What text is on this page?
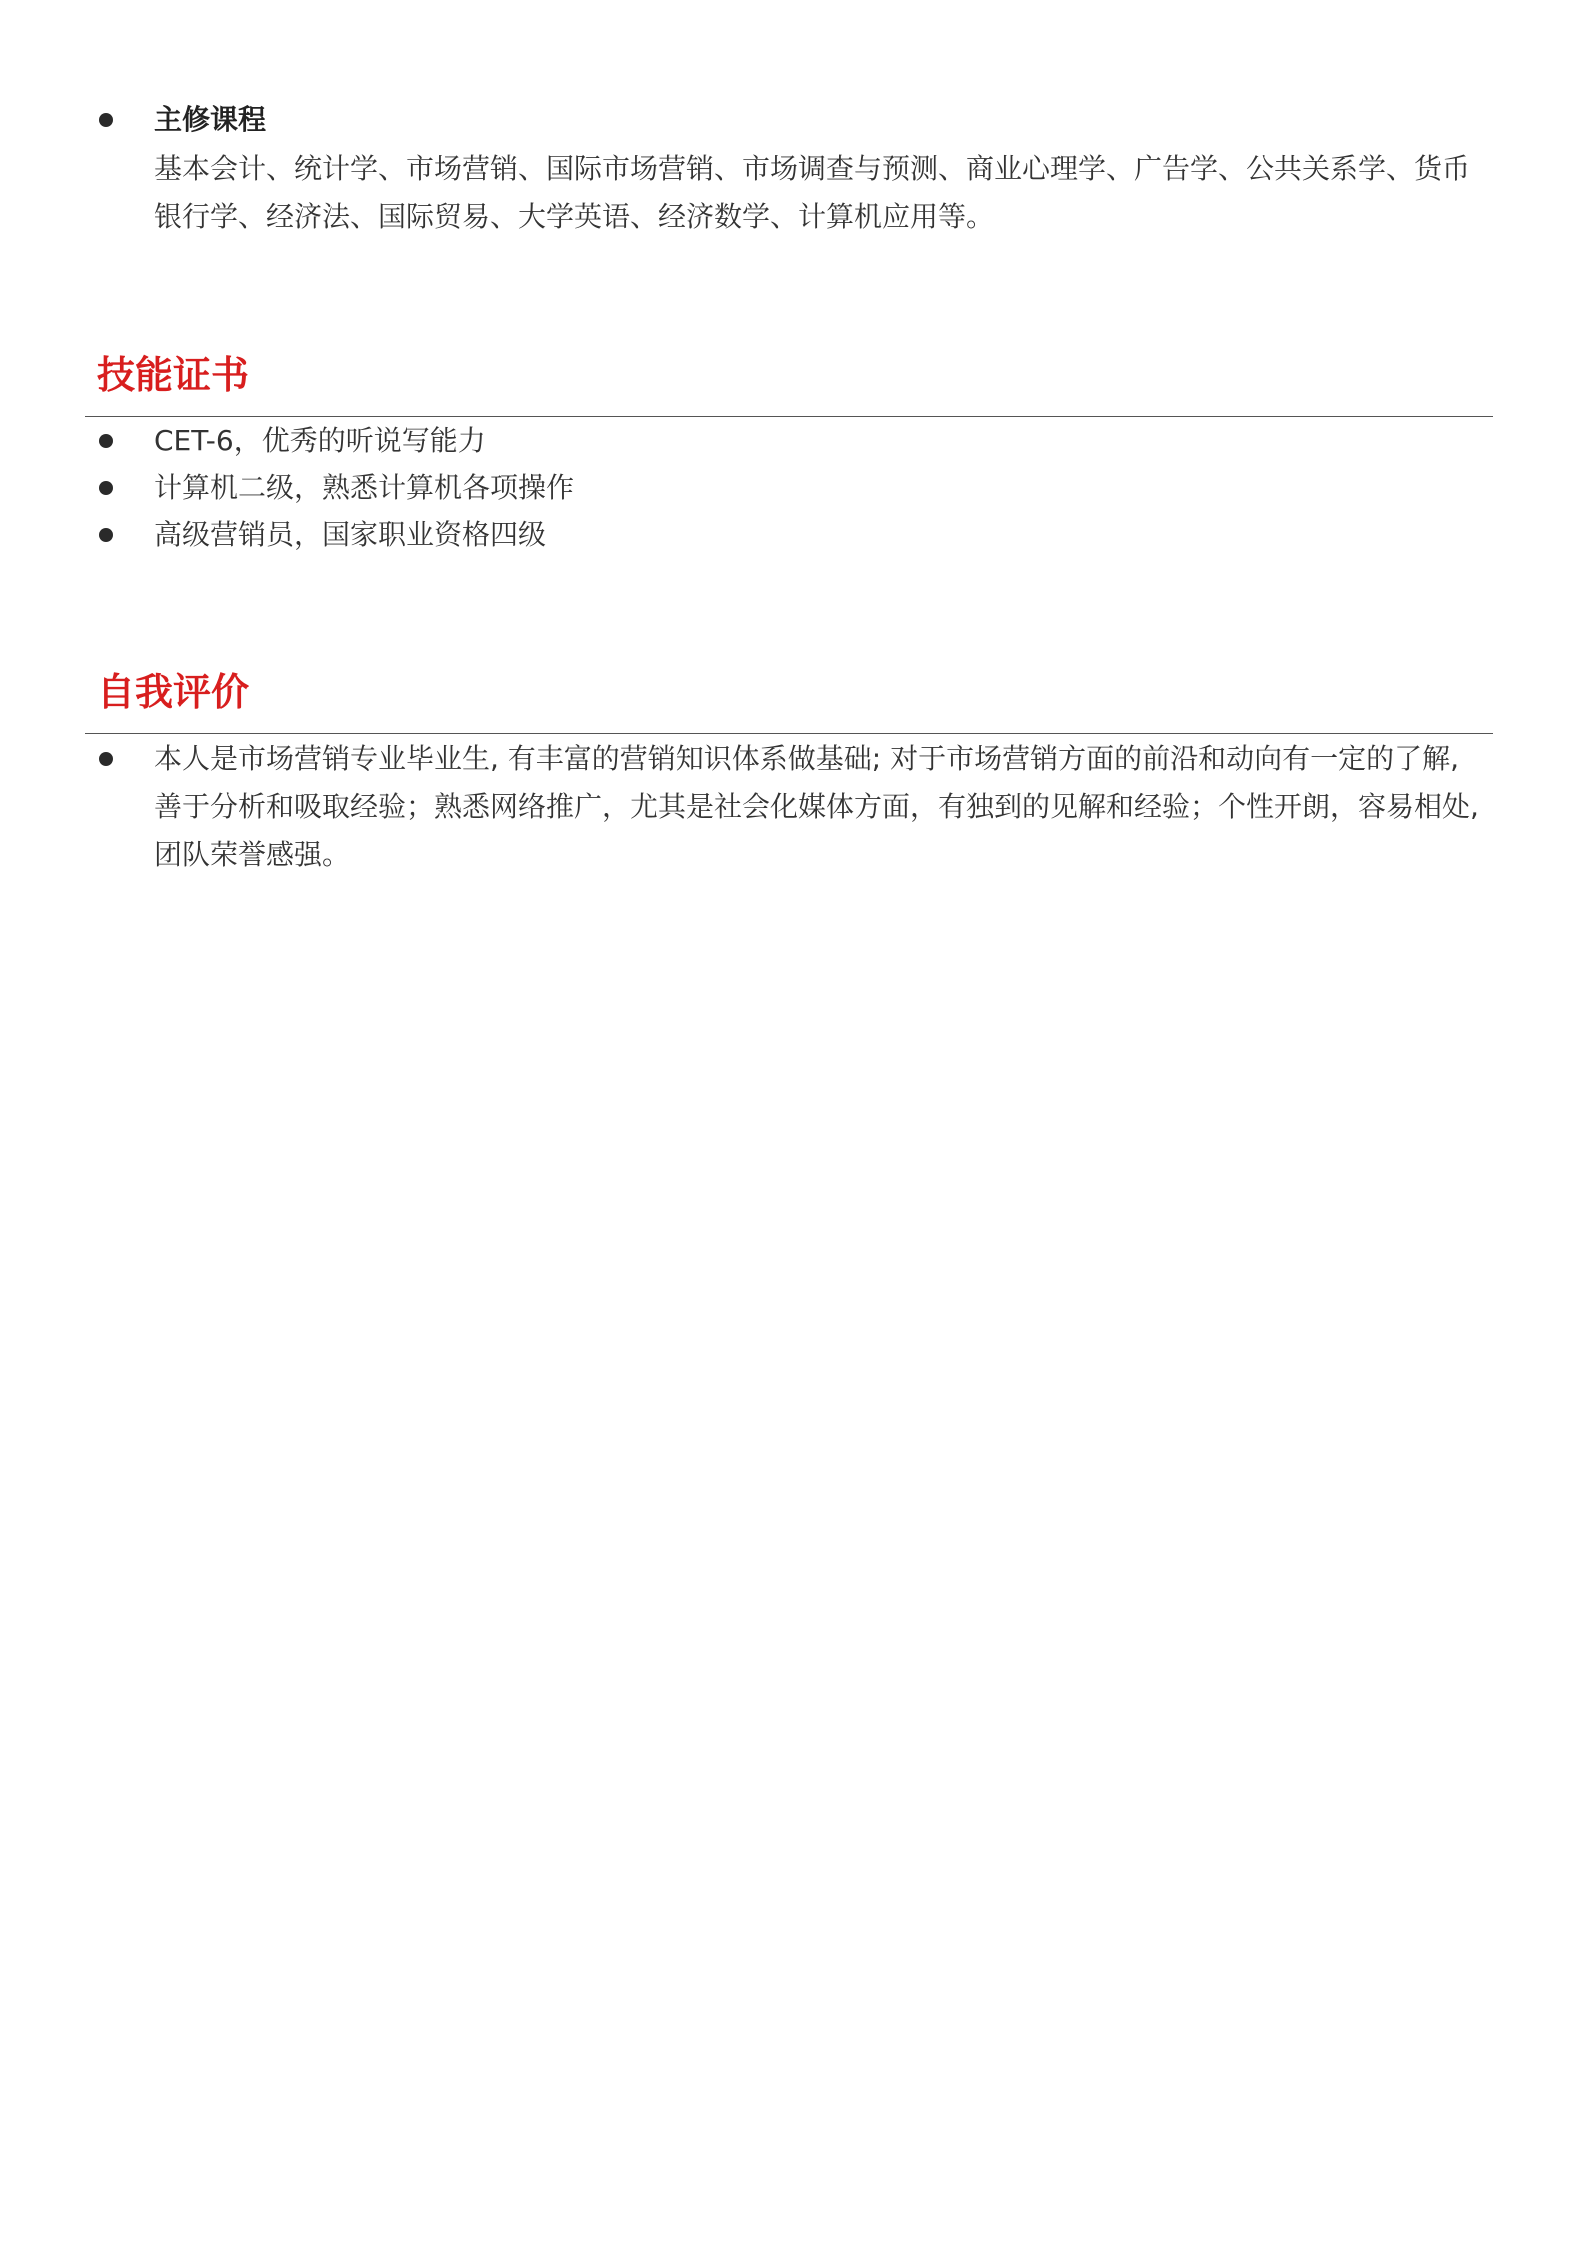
主修课程
基本会计、统计学、市场营销、国际市场营销、市场调查与预测、商业心理学、广告学、公共关系学、货币
银行学、经济法、国际贸易、大学英语、经济数学、计算机应用等。
技能证书
CET-6，优秀的听说写能力
计算机二级，熟悉计算机各项操作
高级营销员，国家职业资格四级
自我评价
本人是市场营销专业毕业生, 有丰富的营销知识体系做基础; 对于市场营销方面的前沿和动向有一定的了解,
善于分析和吸取经验；熟悉网络推广，尤其是社会化媒体方面，有独到的见解和经验；个性开朗，容易相处,
团队荣誉感强。
